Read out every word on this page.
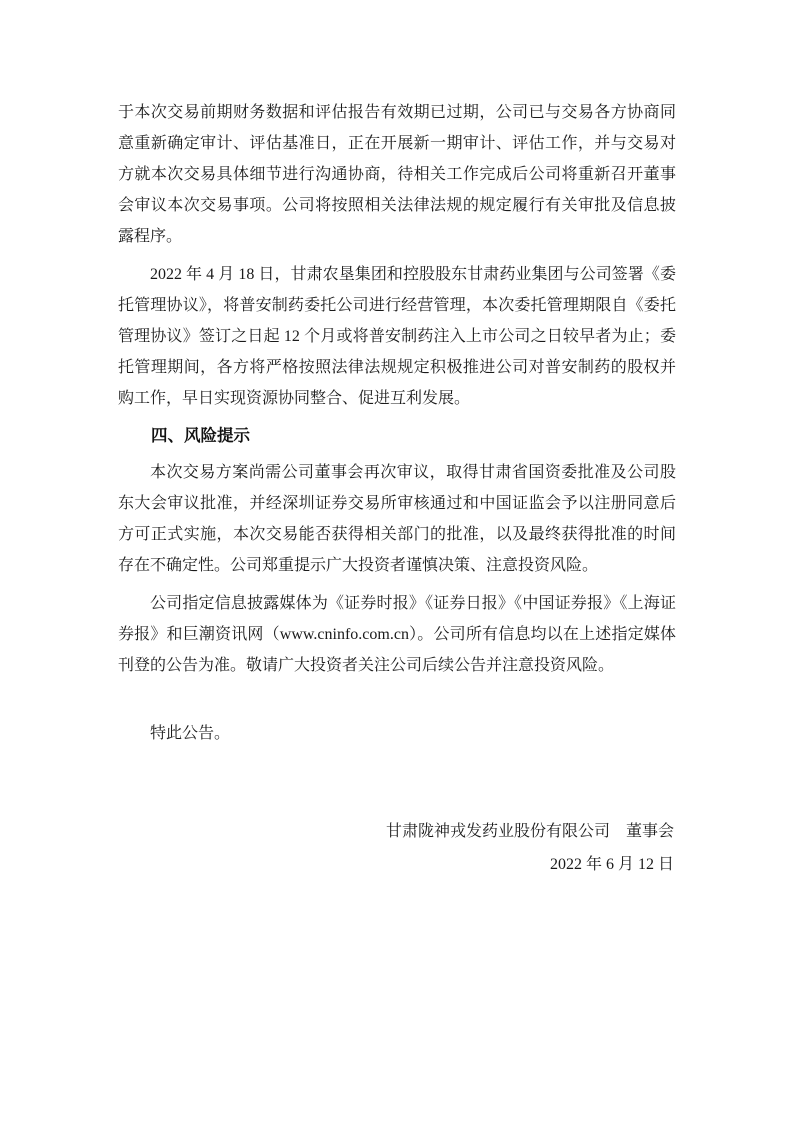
于本次交易前期财务数据和评估报告有效期已过期，公司已与交易各方协商同意重新确定审计、评估基准日，正在开展新一期审计、评估工作，并与交易对方就本次交易具体细节进行沟通协商，待相关工作完成后公司将重新召开董事会审议本次交易事项。公司将按照相关法律法规的规定履行有关审批及信息披露程序。

2022 年 4 月 18 日，甘肃农垦集团和控股股东甘肃药业集团与公司签署《委托管理协议》，将普安制药委托公司进行经营管理，本次委托管理期限自《委托管理协议》签订之日起 12 个月或将普安制药注入上市公司之日较早者为止；委托管理期间，各方将严格按照法律法规规定积极推进公司对普安制药的股权并购工作，早日实现资源协同整合、促进互利发展。

四、风险提示

本次交易方案尚需公司董事会再次审议，取得甘肃省国资委批准及公司股东大会审议批准，并经深圳证券交易所审核通过和中国证监会予以注册同意后方可正式实施，本次交易能否获得相关部门的批准，以及最终获得批准的时间存在不确定性。公司郑重提示广大投资者谨慎决策、注意投资风险。

公司指定信息披露媒体为《证券时报》《证券日报》《中国证券报》《上海证券报》和巨潮资讯网（www.cninfo.com.cn）。公司所有信息均以在上述指定媒体刊登的公告为准。敬请广大投资者关注公司后续公告并注意投资风险。

特此公告。

甘肃陇神戎发药业股份有限公司　董事会

2022 年 6 月 12 日
